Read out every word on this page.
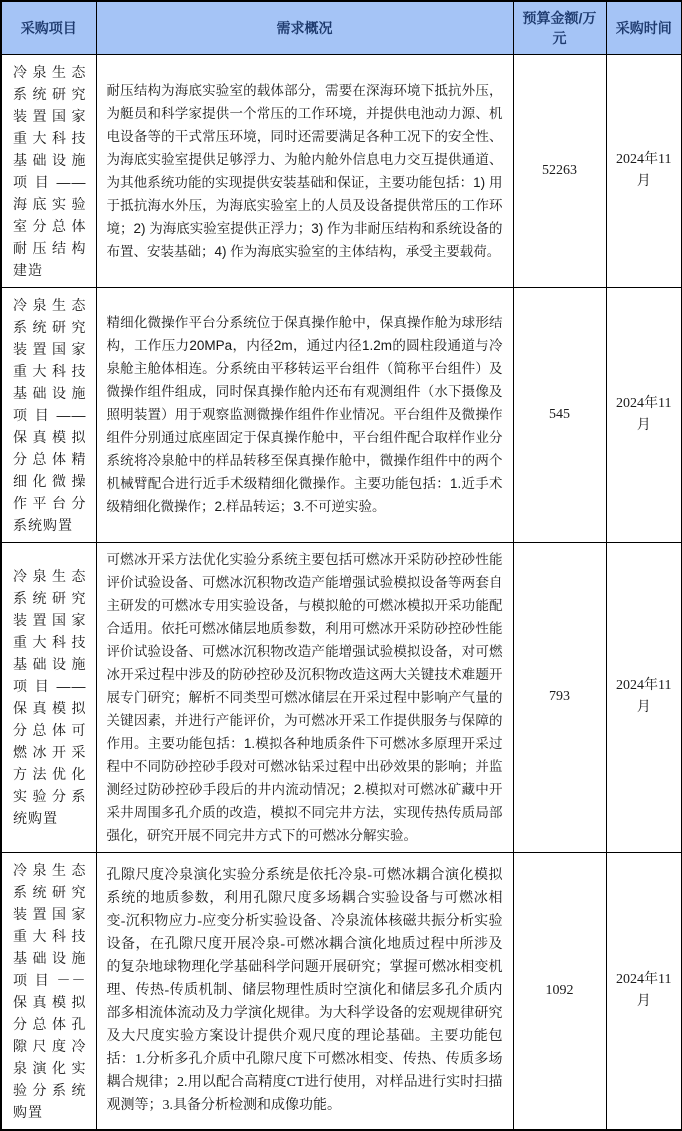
采购项目	需求概况	预算金额/万元	采购时间
冷泉生态系统研究装置国家重大科技基础设施项目——海底实验室分总体耐压结构建造	耐压结构为海底实验室的载体部分，需要在深海环境下抵抗外压，为艇员和科学家提供一个常压的工作环境，并提供电池动力源、机电设备等的干式常压环境，同时还需要满足各种工况下的安全性、为海底实验室提供足够浮力、为舱内舱外信息电力交互提供通道、为其他系统功能的实现提供安装基础和保证，主要功能包括：1) 用于抵抗海水外压，为海底实验室上的人员及设备提供常压的工作环境；2) 为海底实验室提供正浮力；3) 作为非耐压结构和系统设备的布置、安装基础；4) 作为海底实验室的主体结构，承受主要载荷。	52263	2024年11月
冷泉生态系统研究装置国家重大科技基础设施项目——保真模拟分总体精细化微操作平台分系统购置	精细化微操作平台分系统位于保真操作舱中，保真操作舱为球形结构，工作压力20MPa，内径2m，通过内径1.2m的圆柱段通道与冷泉舱主舱体相连。分系统由平移转运平台组件（简称平台组件）及微操作组件组成，同时保真操作舱内还布有观测组件（水下摄像及照明装置）用于观察监测微操作组件作业情况。平台组件及微操作组件分别通过底座固定于保真操作舱中，平台组件配合取样作业分系统将冷泉舱中的样品转移至保真操作舱中，微操作组件中的两个机械臂配合进行近手术级精细化微操作。主要功能包括：1.近手术级精细化微操作；2.样品转运；3.不可逆实验。	545	2024年11月
冷泉生态系统研究装置国家重大科技基础设施项目——保真模拟分总体可燃冰开采方法优化实验分系统购置	可燃冰开采方法优化实验分系统主要包括可燃冰开采防砂控砂性能评价试验设备、可燃冰沉积物改造产能增强试验模拟设备等两套自主研发的可燃冰专用实验设备，与模拟舱的可燃冰模拟开采功能配合适用。依托可燃冰储层地质参数，利用可燃冰开采防砂控砂性能评价试验设备、可燃冰沉积物改造产能增强试验模拟设备，对可燃冰开采过程中涉及的防砂控砂及沉积物改造这两大关键技术难题开展专门研究；解析不同类型可燃冰储层在开采过程中影响产气量的关键因素，并进行产能评价，为可燃冰开采工作提供服务与保障的作用。主要功能包括：1.模拟各种地质条件下可燃冰多原理开采过程中不同防砂控砂手段对可燃冰钻采过程中出砂效果的影响；并监测经过防砂控砂手段后的井内流动情况；2.模拟对可燃冰矿藏中开采井周围多孔介质的改造，模拟不同完井方法，实现传热传质局部强化，研究开展不同完井方式下的可燃冰分解实验。	793	2024年11月
冷泉生态系统研究装置国家重大科技基础设施项目－－保真模拟分总体孔隙尺度冷泉演化实验分系统购置	孔隙尺度冷泉演化实验分系统是依托冷泉-可燃冰耦合演化模拟系统的地质参数，利用孔隙尺度多场耦合实验设备与可燃冰相变-沉积物应力-应变分析实验设备、冷泉流体核磁共振分析实验设备，在孔隙尺度开展冷泉-可燃冰耦合演化地质过程中所涉及的复杂地球物理化学基础科学问题开展研究；掌握可燃冰相变机理、传热-传质机制、储层物理性质时空演化和储层多孔介质内部多相流体流动及力学演化规律。为大科学设备的宏观规律研究及大尺度实验方案设计提供介观尺度的理论基础。主要功能包括：1.分析多孔介质中孔隙尺度下可燃冰相变、传热、传质多场耦合规律；2.用以配合高精度CT进行使用，对样品进行实时扫描观测等；3.具备分析检测和成像功能。	1092	2024年11月
